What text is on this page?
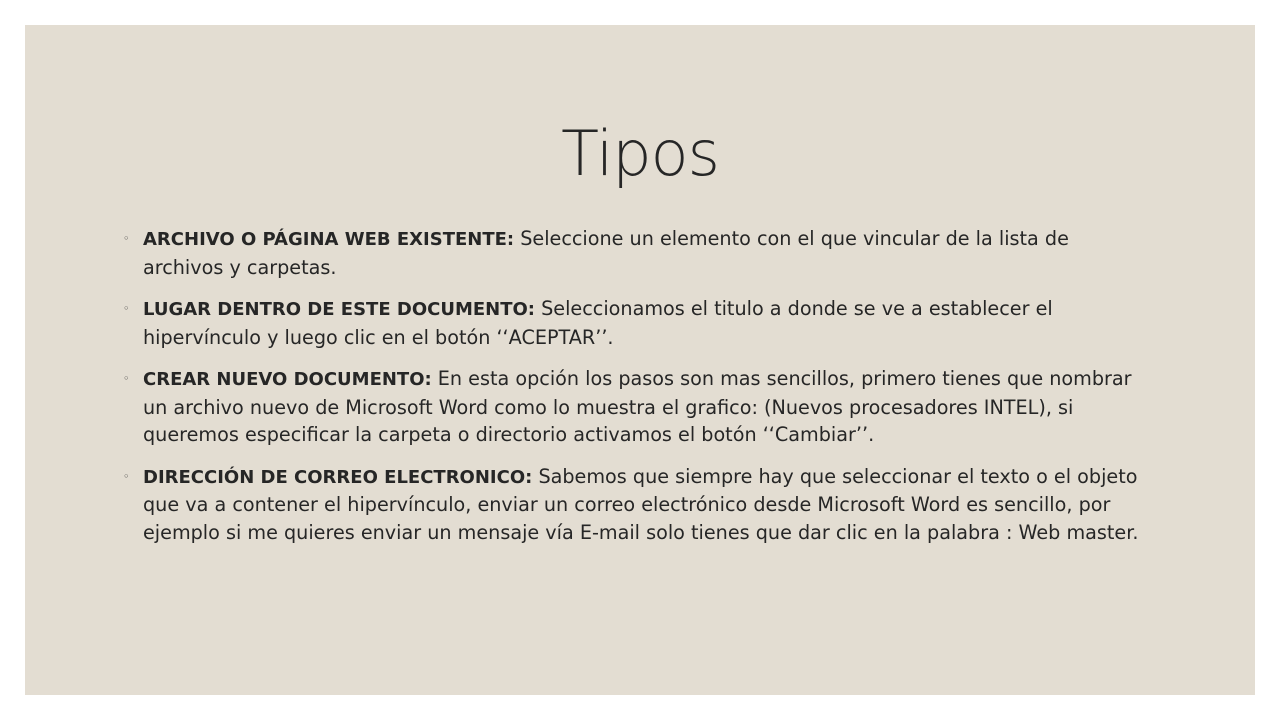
Tipos
◦ ARCHIVO O PÁGINA WEB EXISTENTE: Seleccione un elemento con el que vincular de la lista de archivos y carpetas.
◦ LUGAR DENTRO DE ESTE DOCUMENTO: Seleccionamos el titulo a donde se ve a establecer el hipervínculo y luego clic en el botón ‘‘ACEPTAR’’.
◦ CREAR NUEVO DOCUMENTO: En esta opción los pasos son mas sencillos, primero tienes que nombrar un archivo nuevo de Microsoft Word como lo muestra el grafico: (Nuevos procesadores INTEL), si queremos especificar la carpeta o directorio activamos el botón ‘‘Cambiar’’.
◦ DIRECCIÓN DE CORREO ELECTRONICO: Sabemos que siempre hay que seleccionar el texto o el objeto que va a contener el hipervínculo, enviar un correo electrónico desde Microsoft Word es sencillo, por ejemplo si me quieres enviar un mensaje vía E-mail solo tienes que dar clic en la palabra : Web master.
